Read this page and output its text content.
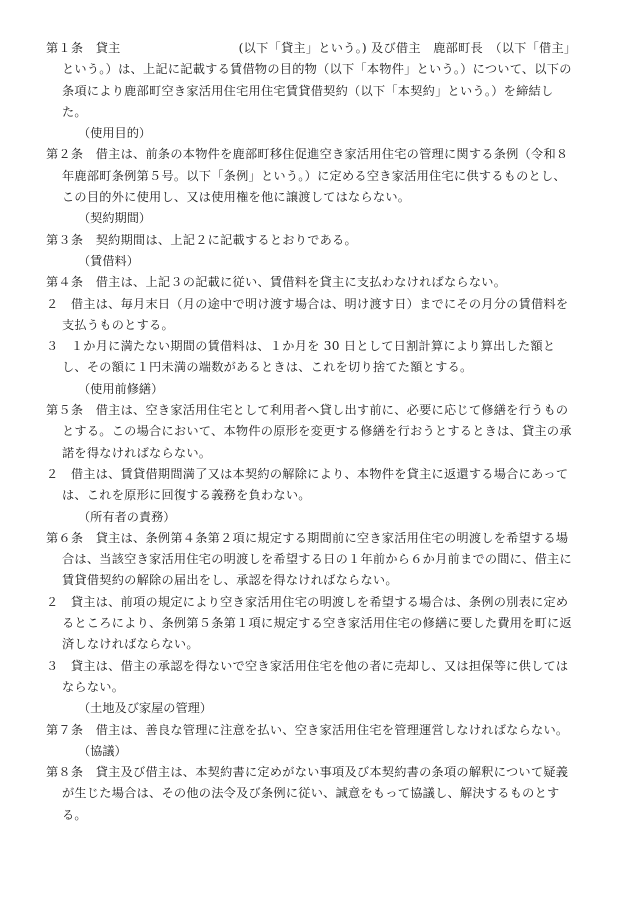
第１条　 貸主	(以下「貸主」という。) 及び借主　鹿部町長　（以下「借主」という。）は、上記に記載する賃借物の目的物（以下「本物件」という。）について、以下の条項により鹿部町空き家活用住宅用住宅賃貸借契約（以下「本契約」という。）を締結した。

（使用目的）

第２条　 借主は、前条の本物件を鹿部町移住促進空き家活用住宅の管理に関する条例（令和８年鹿部町条例第５号。以下「条例」という。）に定める空き家活用住宅に供するものとし、この目的外に使用し、又は使用権を他に譲渡してはならない。

（契約期間）

第３条　 契約期間は、上記２に記載するとおりである。

（賃借料）

第４条　 借主は、上記３の記載に従い、賃借料を貸主に支払わなければならない。

２　 借主は、毎月末日（月の途中で明け渡す場合は、明け渡す日）までにその月分の賃借料を支払うものとする。

３　 １か月に満たない期間の賃借料は、１か月を 30 日として日割計算により算出した額とし、その額に１円未満の端数があるときは、これを切り捨てた額とする。

（使用前修繕）

第５条　 借主は、空き家活用住宅として利用者へ貸し出す前に、必要に応じて修繕を行うものとする。この場合において、本物件の原形を変更する修繕を行おうとするときは、貸主の承諾を得なければならない。

２　 借主は、賃貸借期間満了又は本契約の解除により、本物件を貸主に返還する場合にあっては、これを原形に回復する義務を負わない。

（所有者の責務）

第６条　 貸主は、条例第４条第２項に規定する期間前に空き家活用住宅の明渡しを希望する場合は、当該空き家活用住宅の明渡しを希望する日の１年前から６か月前までの間に、借主に賃貸借契約の解除の届出をし、承認を得なければならない。

２　 貸主は、前項の規定により空き家活用住宅の明渡しを希望する場合は、条例の別表に定めるところにより、条例第５条第１項に規定する空き家活用住宅の修繕に要した費用を町に返済しなければならない。

３　 貸主は、借主の承認を得ないで空き家活用住宅を他の者に売却し、又は担保等に供してはならない。

（土地及び家屋の管理）

第７条　 借主は、善良な管理に注意を払い、空き家活用住宅を管理運営しなければならない。

（協議）

第８条　 貸主及び借主は、本契約書に定めがない事項及び本契約書の条項の解釈について疑義が生じた場合は、その他の法令及び条例に従い、誠意をもって協議し、解決するものとする。
